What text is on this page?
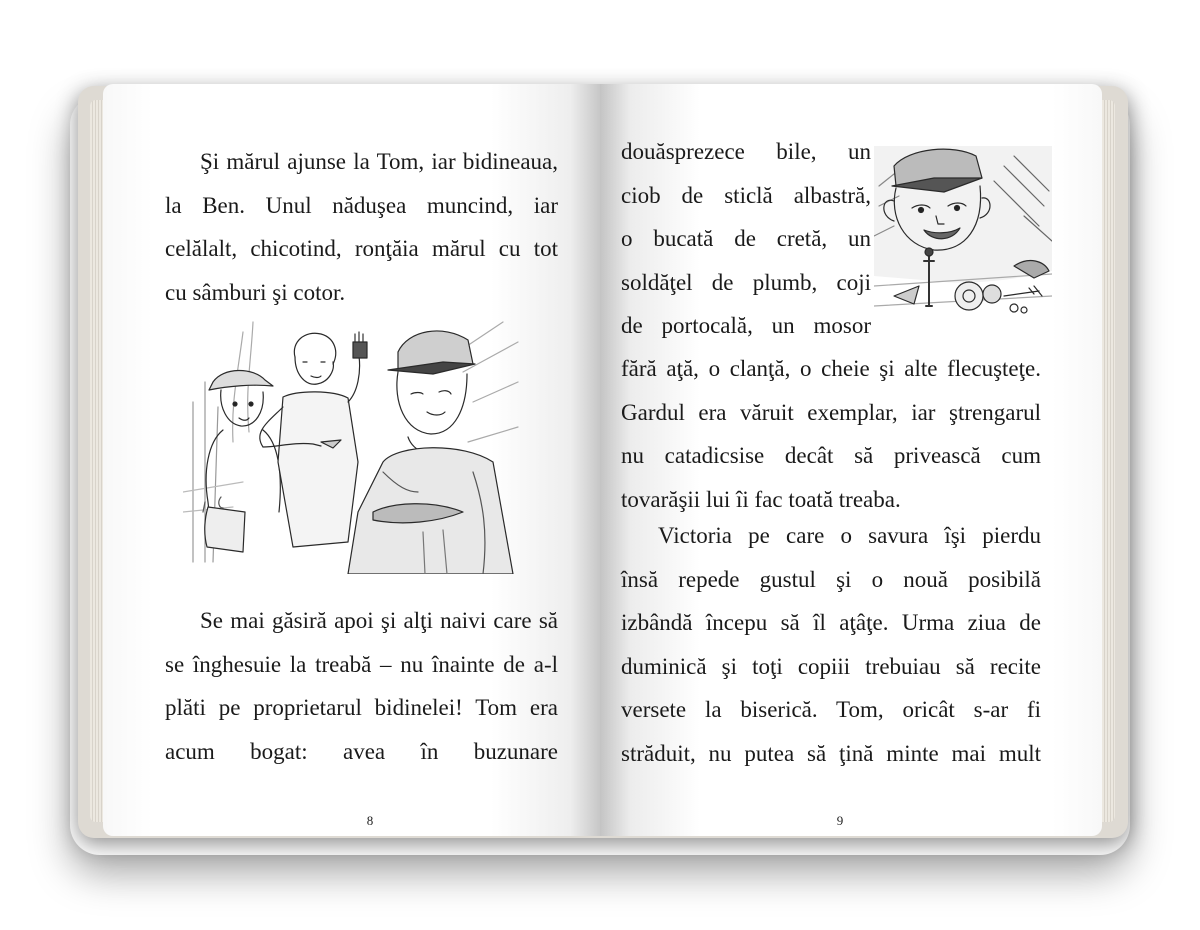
Şi mărul ajunse la Tom, iar bidineaua,
la Ben. Unul năduşea muncind, iar
celălalt, chicotind, ronţăia mărul cu tot
cu sâmburi şi cotor.
Se mai găsiră apoi şi alţi naivi care să
se înghesuie la treabă – nu înainte de a-l
plăti pe proprietarul bidinelei! Tom era
acum bogat: avea în buzunare
8
douăsprezece bile, un
ciob de sticlă albastră,
o bucată de cretă, un
soldăţel de plumb, coji
de portocală, un mosor
fără aţă, o clanţă, o cheie şi alte flecuşteţe.
Gardul era văruit exemplar, iar ştrengarul
nu catadicsise decât să privească cum
tovarăşii lui îi fac toată treaba.
Victoria pe care o savura îşi pierdu
însă repede gustul şi o nouă posibilă
izbândă începu să îl aţâţe. Urma ziua de
duminică şi toţi copiii trebuiau să recite
versete la biserică. Tom, oricât s-ar fi
străduit, nu putea să ţină minte mai mult
9
